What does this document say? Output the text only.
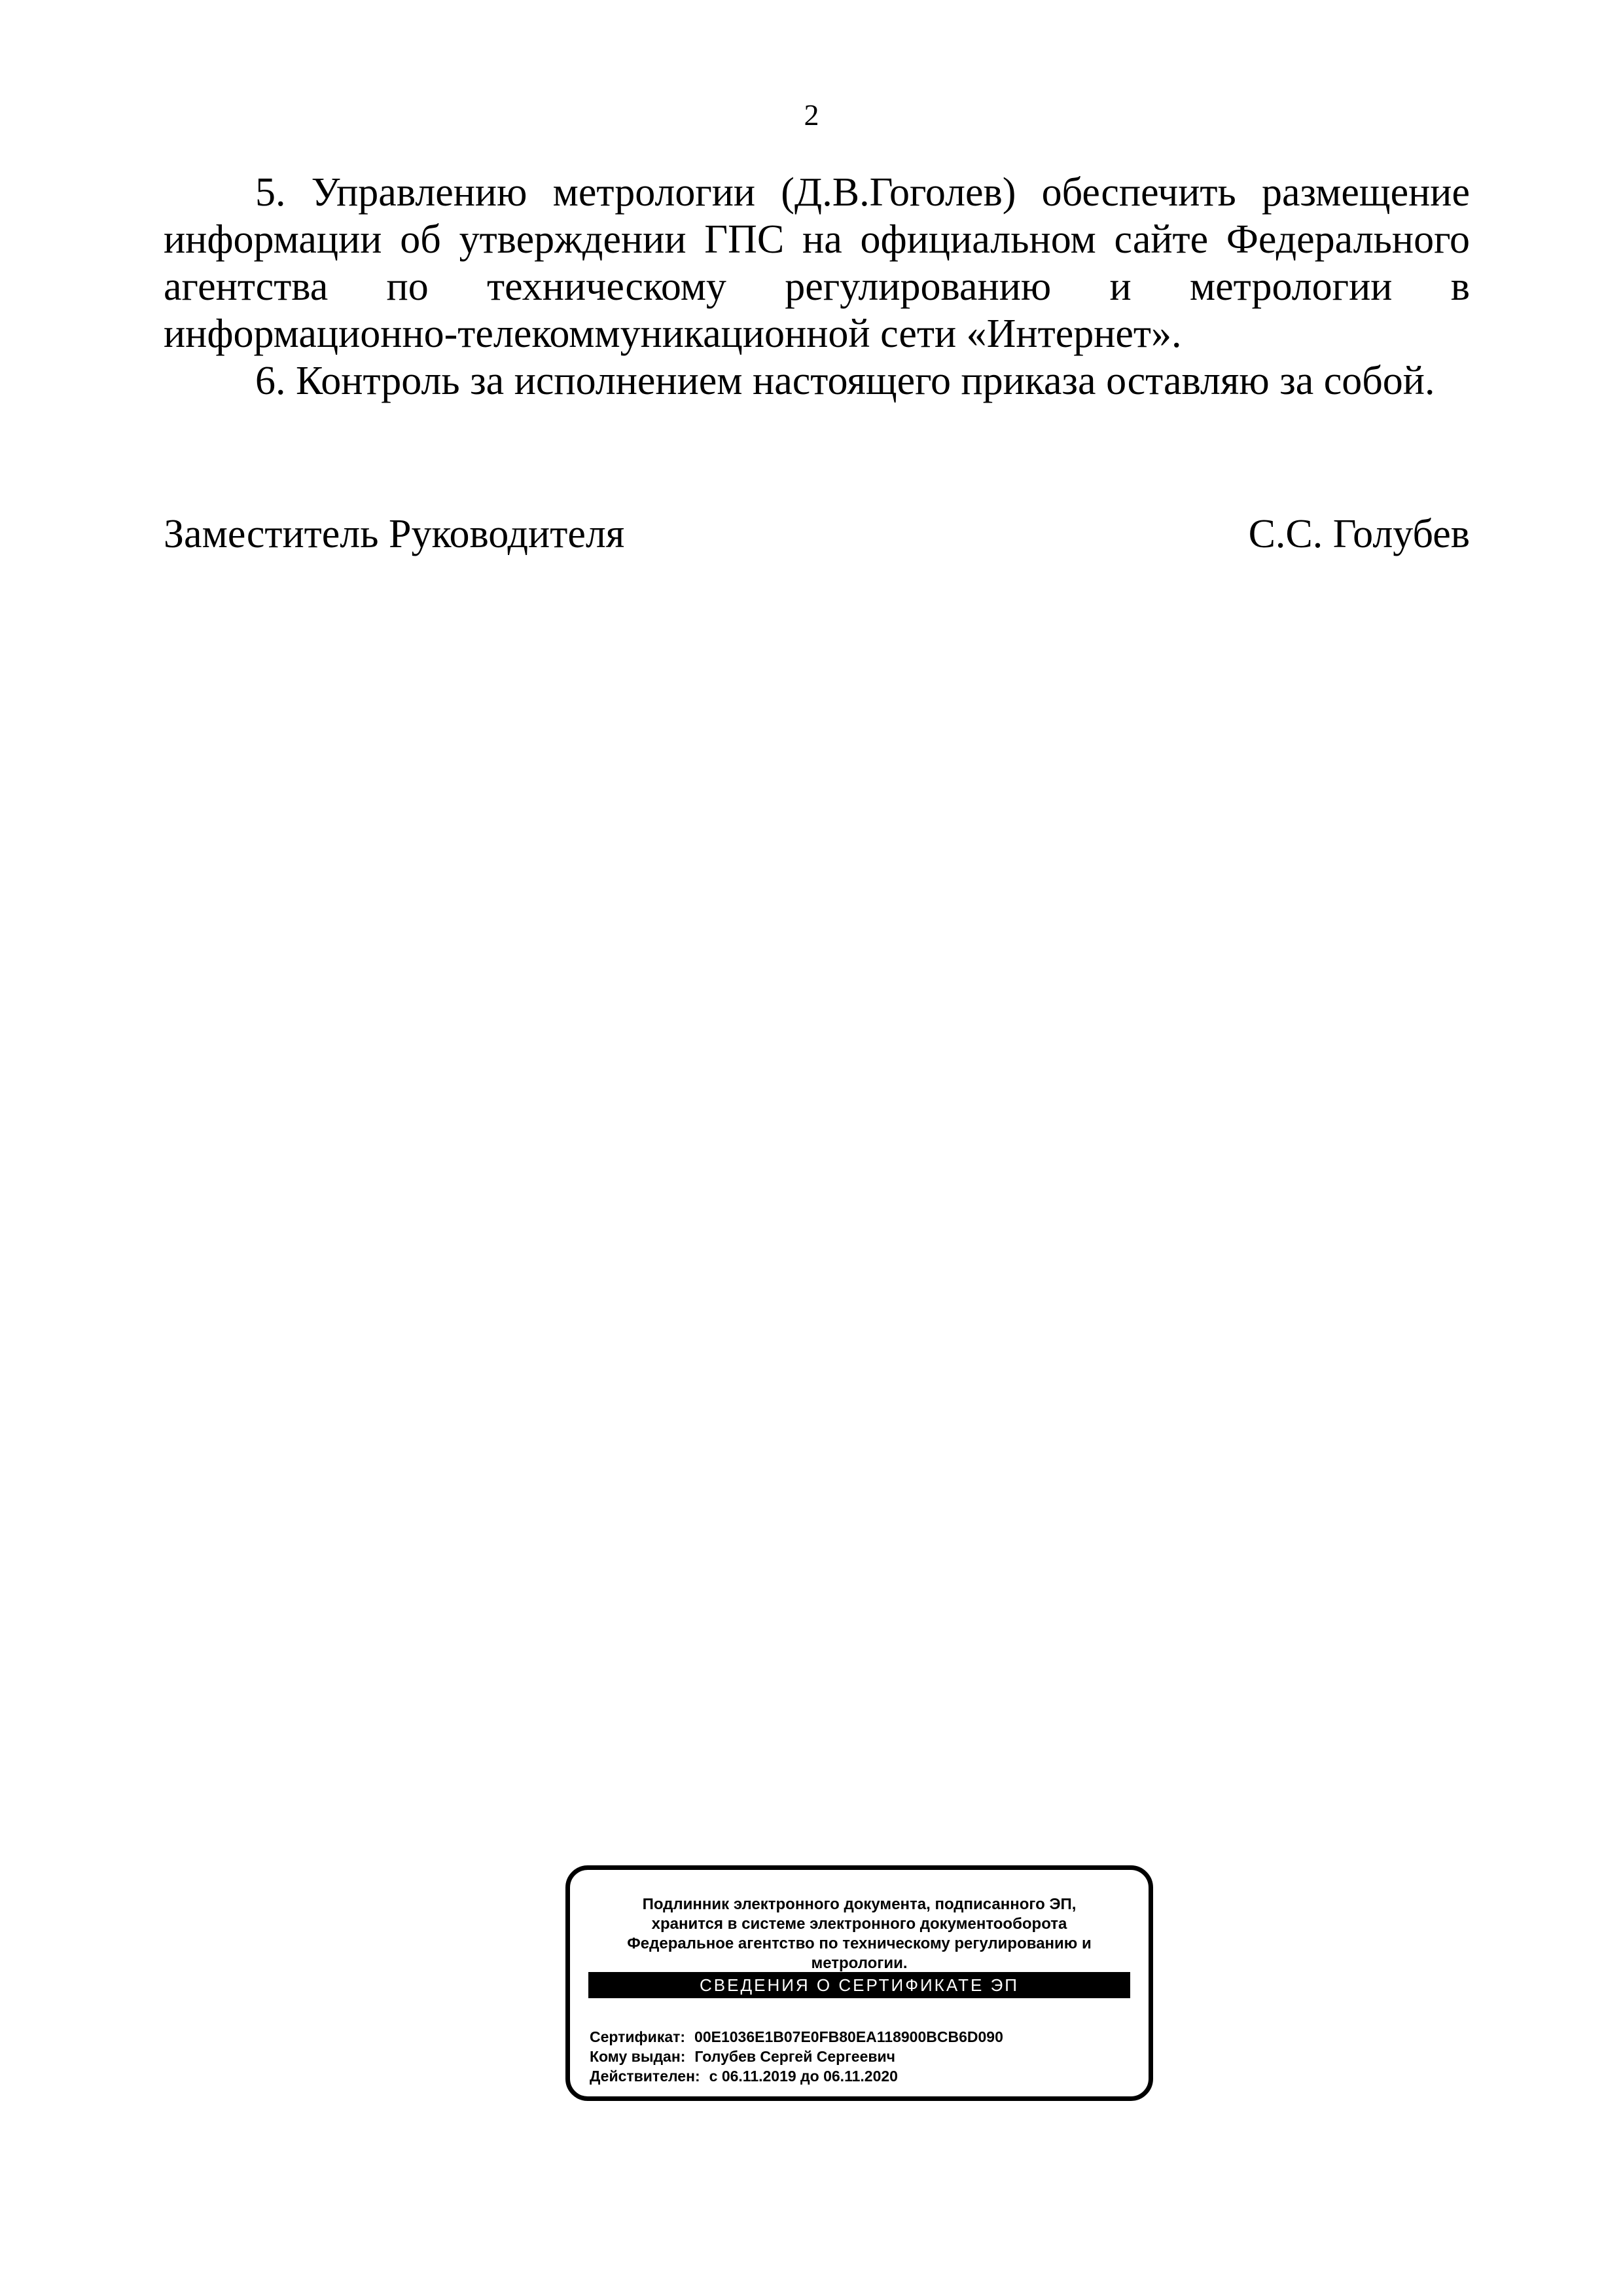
2

5. Управлению метрологии (Д.В.Гоголев) обеспечить размещение информации об утверждении ГПС на официальном сайте Федерального агентства по техническому регулированию и метрологии в информационно-телекоммуникационной сети «Интернет».

6. Контроль за исполнением настоящего приказа оставляю за собой.

Заместитель Руководителя	С.С. Голубев
Подлинник электронного документа, подписанного ЭП,
хранится в системе электронного документооборота
Федеральное агентство по техническому регулированию и
метрологии.
СВЕДЕНИЯ О СЕРТИФИКАТЕ ЭП
Сертификат: 00E1036E1B07E0FB80EA118900BCB6D090
Кому выдан: Голубев Сергей Сергеевич
Действителен: с 06.11.2019 до 06.11.2020
